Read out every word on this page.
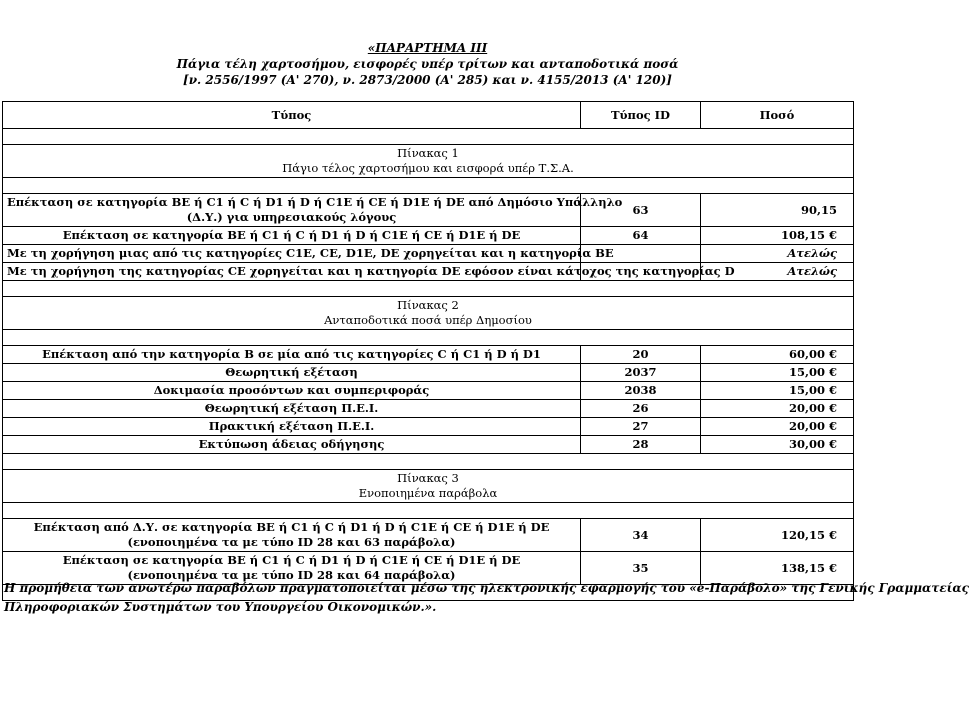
«ΠΑΡΑΡΤΗΜΑ ΙΙΙ
Πάγια τέλη χαρτοσήμου, εισφορές υπέρ τρίτων και ανταποδοτικά ποσά
[ν. 2556/1997 (Α' 270), ν. 2873/2000 (Α' 285) και ν. 4155/2013 (Α' 120)]
Τύπος	Τύπος ID	Ποσό

Πίνακας 1
Πάγιο τέλος χαρτοσήμου και εισφορά υπέρ Τ.Σ.Α.		

Επέκταση σε κατηγορία ΒΕ ή C1 ή C ή D1 ή D ή C1E ή CE ή D1E ή DE από Δημόσιο Υπάλληλο
(Δ.Υ.) για υπηρεσιακούς λόγους	63	90,15

Επέκταση σε κατηγορία ΒΕ ή C1 ή C ή D1 ή D ή C1E ή CE ή D1E ή DE	64	108,15 €

Με τη χορήγηση μιας από τις κατηγορίες C1E, CE, D1E, DE χορηγείται και η κατηγορία ΒΕ		Ατελώς

Με τη χορήγηση της κατηγορίας CE χορηγείται και η κατηγορία DE εφόσον είναι κάτοχος της κατηγορίας D		Ατελώς

Πίνακας 2
Ανταποδοτικά ποσά υπέρ Δημοσίου		

Επέκταση από την κατηγορία Β σε μία από τις κατηγορίες C ή C1 ή D ή D1	20	60,00 €

Θεωρητική εξέταση	2037	15,00 €

Δοκιμασία προσόντων και συμπεριφοράς	2038	15,00 €

Θεωρητική εξέταση Π.Ε.Ι.	26	20,00 €

Πρακτική εξέταση Π.Ε.Ι.	27	20,00 €

Εκτύπωση άδειας οδήγησης	28	30,00 €

Πίνακας 3
Ενοποιημένα παράβολα		

Επέκταση από Δ.Υ. σε κατηγορία ΒΕ ή C1 ή C ή D1 ή D ή C1E ή CE ή D1E ή DE
(ενοποιημένα τα με τύπο ID 28 και 63 παράβολα)	34	120,15 €

Επέκταση σε κατηγορία ΒΕ ή C1 ή C ή D1 ή D ή C1E ή CE ή D1E ή DE
(ενοποιημένα τα με τύπο ID 28 και 64 παράβολα)	35	138,15 €

Η προμήθεια των ανωτέρω παραβόλων πραγματοποιείται μέσω της ηλεκτρονικής εφαρμογής του «e-Παράβολο» της Γενικής Γραμματείας
Πληροφοριακών Συστημάτων του Υπουργείου Οικονομικών.».
